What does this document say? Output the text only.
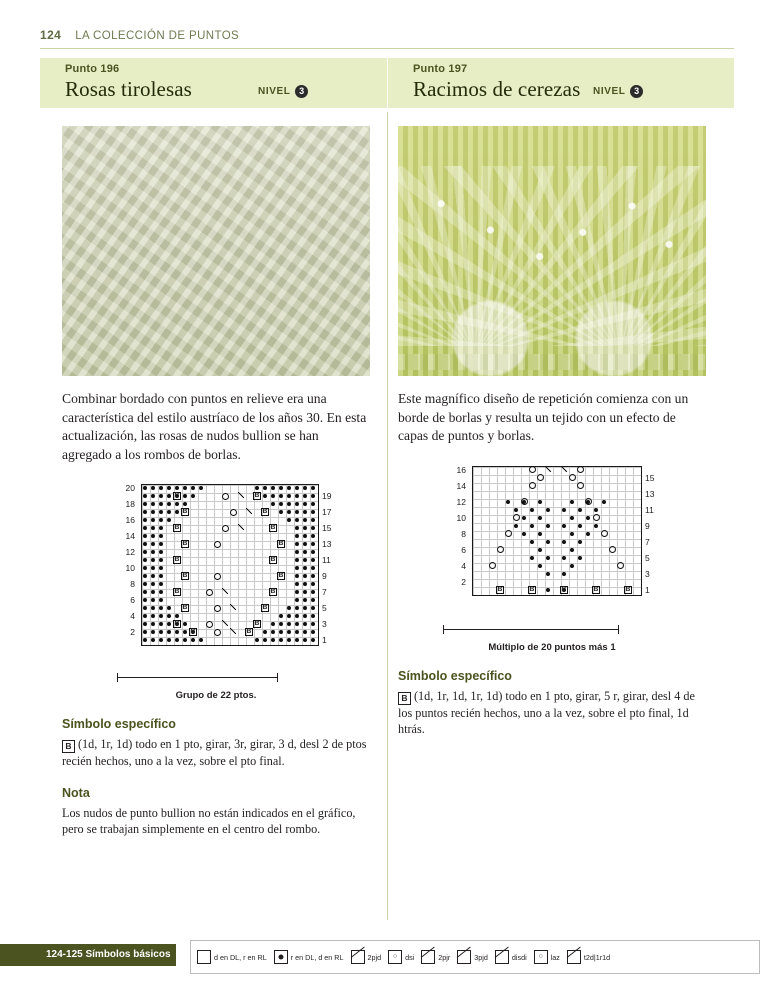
124 LA COLECCIÓN DE PUNTOS
Punto 196
Rosas tirolesas	NIVEL 3
Punto 197
Racimos de cerezas NIVEL 3

Combinar bordado con puntos en relieve era una característica del estilo austríaco de los años 30. En esta actualización, las rosas de nudos bullion se han agregado a los rombos de borlas.

20
18
16
14
12
10
8
6
4
2
19
17
15
13
11
9
7
5
3
1
B	B
B	B
B	B
B	B
B	B
B	B
B	B
B	B
B	B
B	B
Grupo de 22 ptos.
Símbolo específico
B (1d, 1r, 1d) todo en 1 pto, girar, 3r, girar, 3 d, desl 2 de ptos recién hechos, uno a la vez, sobre el pto final.
Nota
Los nudos de punto bullion no están indicados en el gráfico, pero se trabajan simplemente en el centro del rombo.

Este magnífico diseño de repetición comienza con un borde de borlas y resulta un tejido con un efecto de capas de puntos y borlas.

16
14
12
10
8
6
4
2
15
13
11
9
7
5
3
1
B	B	B	B	B
Múltiplo de 20 puntos más 1
Símbolo específico
B (1d, 1r, 1d, 1r, 1d) todo en 1 pto, girar, 5 r, girar, desl 4 de los puntos recién hechos, uno a la vez, sobre el pto final, 1d htrás.
124-125 Símbolos básicos	d en DL, r en RL	r en DL, d en RL	2pjd	○	dsi	2pjr	3pjd	disdi	○	laz	t2d|1r1d
